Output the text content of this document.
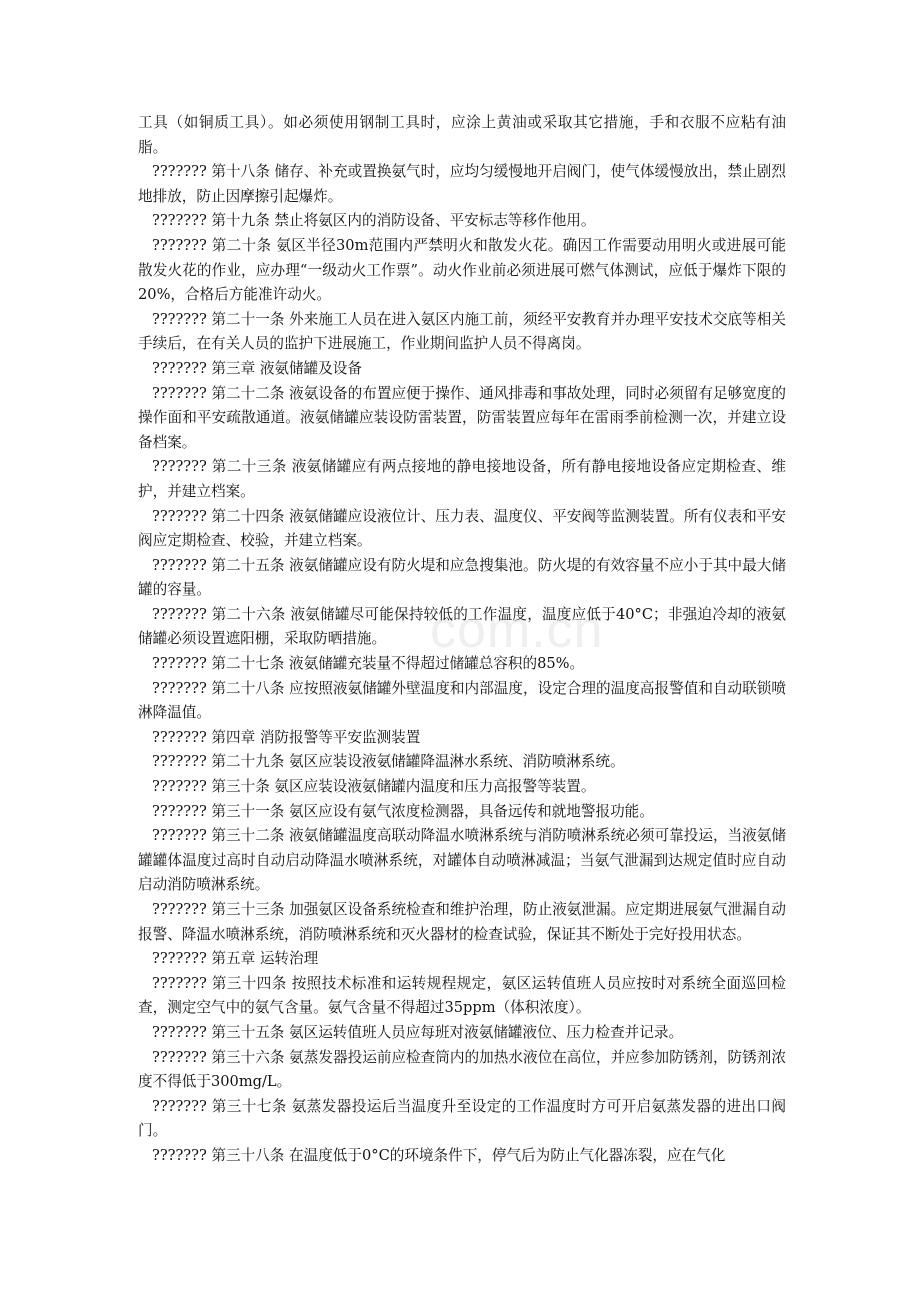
com.cn

工具（如铜质工具）。如必须使用钢制工具时，应涂上黄油或采取其它措施，手和衣服不应粘有油脂。

??????? 第十八条 储存、补充或置换氨气时，应均匀缓慢地开启阀门，使气体缓慢放出，禁止剧烈地排放，防止因摩擦引起爆炸。

??????? 第十九条 禁止将氨区内的消防设备、平安标志等移作他用。

??????? 第二十条 氨区半径30m范围内严禁明火和散发火花。确因工作需要动用明火或进展可能散发火花的作业，应办理“一级动火工作票”。动火作业前必须进展可燃气体测试，应低于爆炸下限的20%，合格后方能准许动火。

??????? 第二十一条 外来施工人员在进入氨区内施工前，须经平安教育并办理平安技术交底等相关手续后，在有关人员的监护下进展施工，作业期间监护人员不得离岗。

??????? 第三章 液氨储罐及设备

??????? 第二十二条 液氨设备的布置应便于操作、通风排毒和事故处理，同时必须留有足够宽度的操作面和平安疏散通道。液氨储罐应装设防雷装置，防雷装置应每年在雷雨季前检测一次，并建立设备档案。

??????? 第二十三条 液氨储罐应有两点接地的静电接地设备，所有静电接地设备应定期检查、维护，并建立档案。

??????? 第二十四条 液氨储罐应设液位计、压力表、温度仪、平安阀等监测装置。所有仪表和平安阀应定期检查、校验，并建立档案。

??????? 第二十五条 液氨储罐应设有防火堤和应急搜集池。防火堤的有效容量不应小于其中最大储罐的容量。

??????? 第二十六条 液氨储罐尽可能保持较低的工作温度，温度应低于40°C；非强迫冷却的液氨储罐必须设置遮阳棚，采取防晒措施。

??????? 第二十七条 液氨储罐充装量不得超过储罐总容积的85%。

??????? 第二十八条 应按照液氨储罐外壁温度和内部温度，设定合理的温度高报警值和自动联锁喷淋降温值。

??????? 第四章 消防报警等平安监测装置

??????? 第二十九条 氨区应装设液氨储罐降温淋水系统、消防喷淋系统。

??????? 第三十条 氨区应装设液氨储罐内温度和压力高报警等装置。

??????? 第三十一条 氨区应设有氨气浓度检测器，具备远传和就地警报功能。

??????? 第三十二条 液氨储罐温度高联动降温水喷淋系统与消防喷淋系统必须可靠投运，当液氨储罐罐体温度过高时自动启动降温水喷淋系统，对罐体自动喷淋减温；当氨气泄漏到达规定值时应自动启动消防喷淋系统。

??????? 第三十三条 加强氨区设备系统检查和维护治理，防止液氨泄漏。应定期进展氨气泄漏自动报警、降温水喷淋系统，消防喷淋系统和灭火器材的检查试验，保证其不断处于完好投用状态。

??????? 第五章 运转治理

??????? 第三十四条 按照技术标准和运转规程规定，氨区运转值班人员应按时对系统全面巡回检查，测定空气中的氨气含量。氨气含量不得超过35ppm（体积浓度）。

??????? 第三十五条 氨区运转值班人员应每班对液氨储罐液位、压力检查并记录。

??????? 第三十六条 氨蒸发器投运前应检查筒内的加热水液位在高位，并应参加防锈剂，防锈剂浓度不得低于300mg/L。

??????? 第三十七条 氨蒸发器投运后当温度升至设定的工作温度时方可开启氨蒸发器的进出口阀门。

??????? 第三十八条 在温度低于0°C的环境条件下，停气后为防止气化器冻裂，应在气化
